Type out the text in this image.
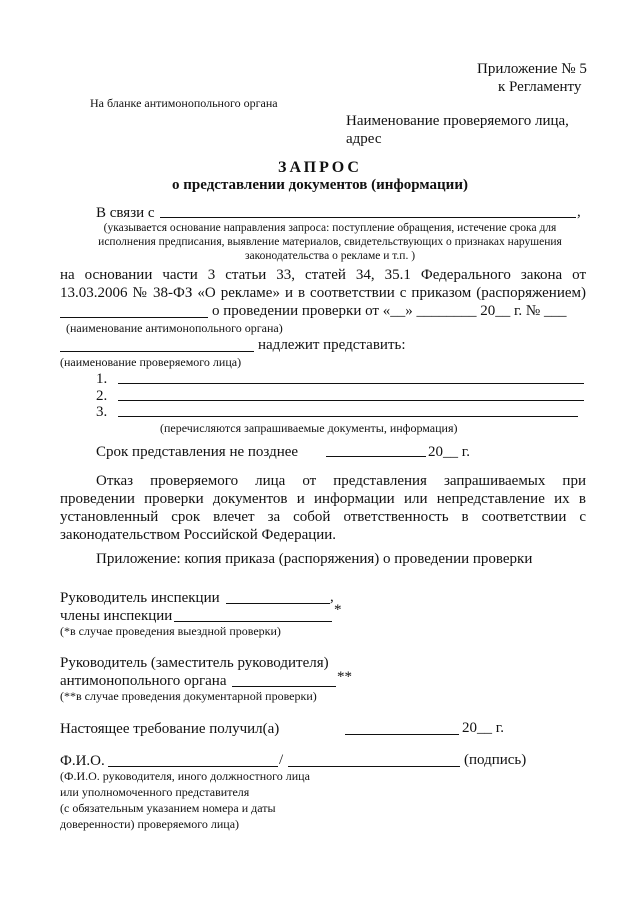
Приложение № 5
к Регламенту
На бланке антимонопольного органа
Наименование проверяемого лица,
адрес
ЗАПРОС
о представлении документов (информации)
В связи с	,
(указывается основание направления запроса: поступление обращения, истечение срока для
исполнения предписания, выявление материалов, свидетельствующих о признаках нарушения
законодательства о рекламе и т.п. )
на основании части 3 статьи 33, статей 34, 35.1 Федерального закона от
13.03.2006 № 38-ФЗ «О рекламе» и в соответствии с приказом (распоряжением)
о проведении проверки от «__» ________ 20__ г. № ___
(наименование антимонопольного органа)
надлежит представить:
(наименование проверяемого лица)
1.
2.
3.
(перечисляются запрашиваемые документы, информация)
Срок представления не позднее	20__ г.
Отказ проверяемого лица от представления запрашиваемых при
проведении проверки документов и информации или непредставление их в
установленный срок влечет за собой ответственность в соответствии с
законодательством Российской Федерации.
Приложение: копия приказа (распоряжения) о проведении проверки
Руководитель инспекции	,
члены инспекции	*
(*в случае проведения выездной проверки)
Руководитель (заместитель руководителя)
антимонопольного органа	**
(**в случае проведения документарной проверки)
Настоящее требование получил(а)	20__ г.
Ф.И.О.	/	(подпись)
(Ф.И.О. руководителя, иного должностного лица
или уполномоченного представителя
(с обязательным указанием номера и даты
доверенности) проверяемого лица)
